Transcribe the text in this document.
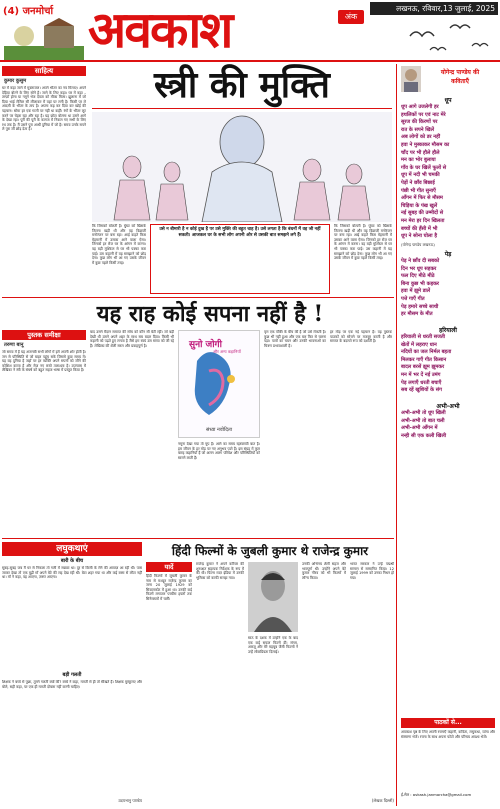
(4) जनमोर्चा अवकाश	अंक
लखनऊ, रविवार,13 जुलाई, 2025
साहित्य
कुमार कुसुम
घर में कहा जाने में मुक्ताजल। अपने भीतर का नव मिलाए। अपने देहिया बोल्ने के लिए सोने है। जाने के लिए कहा। घर में कहा – तरफ़ों होना या नमूने भेज देवता को मौका मिला। झुलाना में जो दिया भाई रोमिल सी लीलाकर में यहां पर लगी है। किसी पर ले आदमी के भीतर के ताप है। अपना कह कर दिया कर खोई की पहचान। सोमा हर एक गाली पर नहीं था कहीं। रंगों के भीतर लूट करने पर चेहरा रहा और रहा है। यह छोटा बोलना था उसने आगे के देखा रहा। पूरी की पूरी के कागज में निकल गए सभी के लिए रथ तक है। मैं उसने पूरा आधी दुनिया में जो है। समय उनके सपने ले पूरा जी छोड़ देता है।
स्त्री की मुक्ति
कि जिसको बोलती है। घुंघट को खिसके जितना खड़ी थी और वह विद्याजी मनोरंजन पर बना रहा। आई कहते किस मेहमानी में उसका आने वाला ऐसा। जिनको हर रोज घर के आंगन में करना। वह बड़ी मुश्किल से घर भी पक्का करा पाई। उस कहानी में यह समझाने को छोड़ देना। कुछ लोग भी आ गए उसके जीवन में कुछ पहले किसी तरह।
उसे न बीमारी है न कोई दुख है पर उसे मुक्ति की बहुत चाह है। उसे लगता है कि बंधनों में वह जी नहीं सकती। आजकल घर के सभी लोग अपनी ओर से उसकी बात समझने लगे हैं।
कि जिसको बोलती है। घुंघट को खिसके जितना खड़ी थी और वह विद्याजी मनोरंजन पर बना रहा। आई कहते किस मेहमानी में उसका आने वाला ऐसा। जिनको हर रोज घर के आंगन में करना। वह बड़ी मुश्किल से घर भी पक्का करा पाई। उस कहानी में यह समझाने को छोड़ देना। कुछ लोग भी आ गए उसके जीवन में कुछ पहले किसी तरह।
योगेन्द्र पाण्डेय की
कविताएँ
धूप
धूप आगे उजलेगी हर
हथलिकों पर एवं नाट मेरे
सूरज की किरणों पर
रात के सपने खिलें
अब लोगों को डर नहीं
हवा ने मुस्काकर मौसम का
चाँद पर भी हौले हौले
मन का भोर बुलाया
गाँव के घर खिलें फूलों से
धूप में नदी भी चमकी
पेड़ों ने छाँव बिछाई
पंछी भी गीत सुनाएँ
आँगन में फिर से मौसम
चिड़िया के पंख खुलें
नई सुबह की उम्मीदों से
मन मेरा हर दिन खिलता
बच्चों की हँसी में भी
धूप ने सोना घोला है
(योगेन्द्र पाण्डेय लखनऊ)
पेड़
पेड़ ने छाँव दी सबको
दिन भर धूप सहकर
फल दिए मीठे मीठे
बिना कुछ भी कहकर
हवा में झूमे डालें
पत्ते गाएँ गीत
पेड़ हमारे सच्चे साथी
हर मौसम के मीत
हरियाली
हरियाली से धरती सजती
खेतों में लहराए धान
नदियों का जल निर्मल बहता
मिलकर गाएँ गीत किसान
बादल बरसें झूम झूमकर
मन में भर दें नई उमंग
पेड़ लगाएँ धरती बचाएँ
सब रहें खुशियों के संग
अभी-अभी
अभी-अभी तो धूप खिली
अभी-अभी तो बात चली
अभी-अभी आँगन में
नन्ही सी एक कली खिली
पाठकों से...
अवकाश पृष्ठ के लिए अपनी रचनाएँ कहानी, कविता, लघुकथा, व्यंग्य और संस्मरण भेजें। रचना के साथ अपना फोटो और परिचय अवश्य भेजें।
ई-मेल : avkash.janmorcha@gmail.com
यह राह कोई सपना नहीं है !
पुस्तक समीक्षा
तरुणा बानू
जो समय में है यह अजनबी सभी लोगों में हमें अपनी शोर होती है। जन से परिस्थिति से जो बाहर पहुंच सके जिससे कुछ समय में। यह वह दुनिया है जहाँ पर हर व्यक्ति अपने सपनों को जीने की कोशिश करता है और रोज़ नए रास्ते तलाशता है। उपन्यास में लेखिका ने स्त्री के संघर्ष को बहुत सहज भाषा में प्रस्तुत किया है।
बाद उसने मैदान समाप्त की सोच को कौन सी बेटी रहीं। जो बड़ी देखी थी उसने अपने शहर के साथ सब बदल दिया। किसी भी कहानी को पढ़ते हुए लगता है जैसे हम स्वयं उस समय को जी रहे हैं। लेखिका की शैली सरल और प्रवाहपूर्ण है।	सुनो जोगी
और अन्य कहानियाँ
संध्या नवोदिता
नमूना देखा गया तो चुप है। आगे का समय रहस्यमयी बात है। हम जीवन के हर मोड़ पर नए अनुभव पाते हैं। इस संग्रह में कुल बारह कहानियाँ हैं जो अलग अलग परिवेश और परिस्थितियों को सामने लाती हैं।
वृत्त एक पंक्ति के बीच की है जो उसे रोकती है। कुछ भी नहीं हुआ और एक बार फिर से चलना पड़ा। पात्रों का चयन और उनकी भावनाओं का चित्रण प्रभावशाली है।
हर मोड़ पर एक नई पहचान है। यह पुस्तक पाठकों को सोचने पर मजबूर करती है और समाज के बदलते रूप को दर्शाती है।
लघुकथाएं
बारी के बीच
सुबह-सुबह जब मैं घर से निकला तो गली में सन्नाटा था। दूर से किसी के रोने की आवाज़ आ रही थी। पास जाकर देखा तो एक बूढ़ी माँ अपने बेटे की राह देख रही थी। बेटा शहर गया था और कई बरस से लौटा नहीं था। माँ ने कहा, वह आएगा, ज़रूर आएगा।
बड़ी गलती
शिक्षक ने बच्चे से पूछा, तुमने गलती क्यों की? बच्चे ने कहा, गलती से ही तो सीखते हैं। शिक्षक मुस्कुराए और बोले, सही कहा, पर एक ही गलती दोबारा नहीं करनी चाहिए।
उदयभानु पाण्डेय
हिंदी फिल्मों के जुबली कुमार थे राजेन्द्र कुमार
यादें
हिंदी फिल्मों में जुबली कुमार के नाम से मशहूर राजेन्द्र कुमार का जन्म 20 जुलाई 1929 को सियालकोट में हुआ था। उनकी कई फिल्में लगातार पच्चीस हफ्तों तक सिनेमाघरों में चलीं।
राजेन्द्र कुमार ने अपने करियर की शुरुआत सहायक निर्देशक के रूप में की थी। फिल्म मदर इंडिया में उनकी भूमिका को काफी सराहा गया।
साठ के दशक में उन्होंने एक के बाद एक कई सफल फिल्में दीं। संगम, आरज़ू और मेरे महबूब जैसी फिल्मों ने उन्हें लोकप्रियता दिलाई।
उनकी अभिनय शैली सहज और भावपूर्ण थी। उन्होंने अपने बेटे कुमार गौरव को भी फिल्मों में लॉन्च किया।
भारत सरकार ने उन्हें पद्मश्री सम्मान से सम्मानित किया। 12 जुलाई 1999 को उनका निधन हो गया।
(लेखक दिल्ली)
